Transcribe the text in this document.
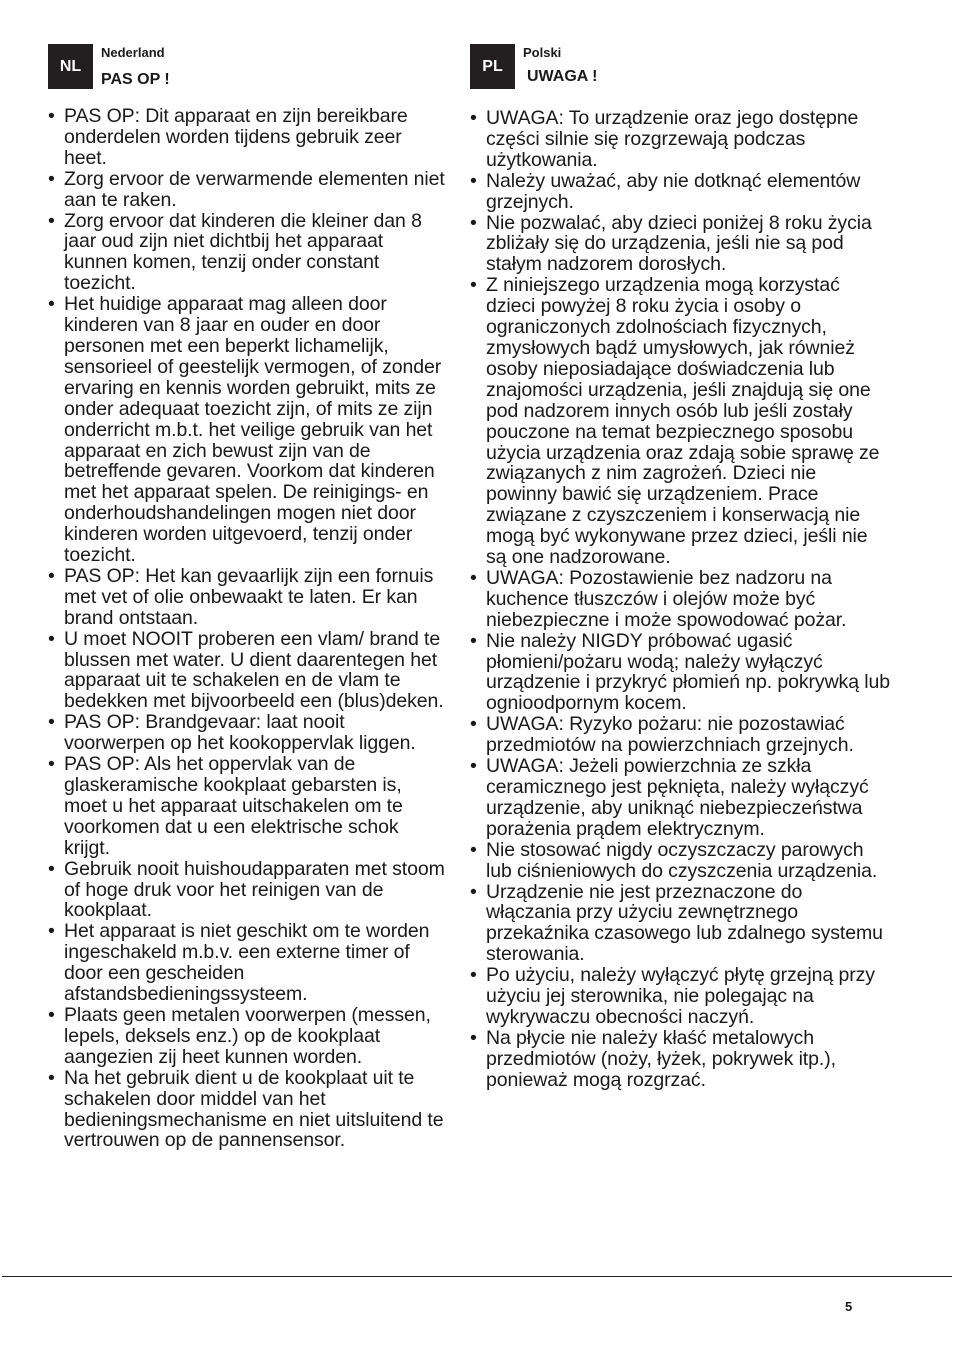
NL
Nederland
PAS OP !
• PAS OP: Dit apparaat en zijn bereikbare onderdelen worden tijdens gebruik zeer heet.
• Zorg ervoor de verwarmende elementen niet aan te raken.
• Zorg ervoor dat kinderen die kleiner dan 8 jaar oud zijn niet dichtbij het apparaat kunnen komen, tenzij onder constant toezicht.
• Het huidige apparaat mag alleen door kinderen van 8 jaar en ouder en door personen met een beperkt lichamelijk, sensorieel of geestelijk vermogen, of zonder ervaring en kennis worden gebruikt, mits ze onder adequaat toezicht zijn, of mits ze zijn onderricht m.b.t. het veilige gebruik van het apparaat en zich bewust zijn van de betreffende gevaren. Voorkom dat kinderen met het apparaat spelen. De reinigings- en onderhoudshandelingen mogen niet door kinderen worden uitgevoerd, tenzij onder toezicht.
• PAS OP: Het kan gevaarlijk zijn een fornuis met vet of olie onbewaakt te laten. Er kan brand ontstaan.
• U moet NOOIT proberen een vlam/ brand te blussen met water. U dient daarentegen het apparaat uit te schakelen en de vlam te bedekken met bijvoorbeeld een (blus)deken.
• PAS OP: Brandgevaar: laat nooit voorwerpen op het kookoppervlak liggen.
• PAS OP: Als het oppervlak van de glaskeramische kookplaat gebarsten is, moet u het apparaat uitschakelen om te voorkomen dat u een elektrische schok krijgt.
• Gebruik nooit huishoudapparaten met stoom of hoge druk voor het reinigen van de kookplaat.
• Het apparaat is niet geschikt om te worden ingeschakeld m.b.v. een externe timer of door een gescheiden afstandsbedieningssysteem.
• Plaats geen metalen voorwerpen (messen, lepels, deksels enz.) op de kookplaat aangezien zij heet kunnen worden.
• Na het gebruik dient u de kookplaat uit te schakelen door middel van het bedieningsmechanisme en niet uitsluitend te vertrouwen op de pannensensor.
PL
Polski
UWAGA !
• UWAGA: To urządzenie oraz jego dostępne części silnie się rozgrzewają podczas użytkowania.
• Należy uważać, aby nie dotknąć elementów grzejnych.
• Nie pozwalać, aby dzieci poniżej 8 roku życia zbliżały się do urządzenia, jeśli nie są pod stałym nadzorem dorosłych.
• Z niniejszego urządzenia mogą korzystać dzieci powyżej 8 roku życia i osoby o ograniczonych zdolnościach fizycznych, zmysłowych bądź umysłowych, jak również osoby nieposiadające doświadczenia lub znajomości urządzenia, jeśli znajdują się one pod nadzorem innych osób lub jeśli zostały pouczone na temat bezpiecznego sposobu użycia urządzenia oraz zdają sobie sprawę ze związanych z nim zagrożeń. Dzieci nie powinny bawić się urządzeniem. Prace związane z czyszczeniem i konserwacją nie mogą być wykonywane przez dzieci, jeśli nie są one nadzorowane.
• UWAGA: Pozostawienie bez nadzoru na kuchence tłuszczów i olejów może być niebezpieczne i może spowodować pożar.
• Nie należy NIGDY próbować ugasić płomieni/pożaru wodą; należy wyłączyć urządzenie i przykryć płomień np. pokrywką lub ognioodpornym kocem.
• UWAGA: Ryzyko pożaru: nie pozostawiać przedmiotów na powierzchniach grzejnych.
• UWAGA: Jeżeli powierzchnia ze szkła ceramicznego jest pęknięta, należy wyłączyć urządzenie, aby uniknąć niebezpieczeństwa porażenia prądem elektrycznym.
• Nie stosować nigdy oczyszczaczy parowych lub ciśnieniowych do czyszczenia urządzenia.
• Urządzenie nie jest przeznaczone do włączania przy użyciu zewnętrznego przekaźnika czasowego lub zdalnego systemu sterowania.
• Po użyciu, należy wyłączyć płytę grzejną przy użyciu jej sterownika, nie polegając na wykrywaczu obecności naczyń.
• Na płycie nie należy kłaść metalowych przedmiotów (noży, łyżek, pokrywek itp.), ponieważ mogą rozgrzać.
5
